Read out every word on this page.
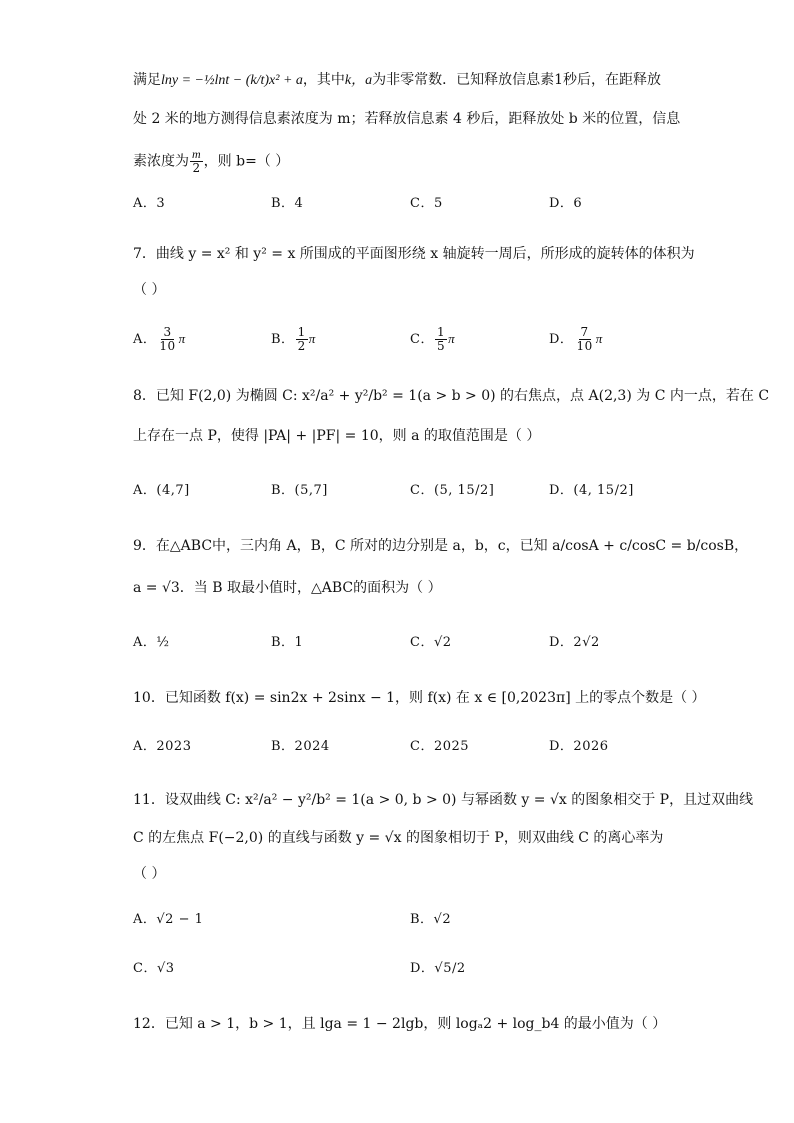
满足lny = −½lnt − (k/t)x² + a，其中k，a为非零常数．已知释放信息素1秒后，在距释放
处 2 米的地方测得信息素浓度为 m；若释放信息素 4 秒后，距释放处 b 米的位置，信息
素浓度为 $\frac{m}{2}$ ，则 b=（ ）
A．3	B．4	C．5	D．6
7．曲线 y = x² 和 y² = x 所围成的平面图形绕 x 轴旋转一周后，所形成的旋转体的体积为
（ ）
A． $\frac{3}{10}$ π	B． $\frac{1}{2}$ π	C． $\frac{1}{5}$ π	D． $\frac{7}{10}$ π
8．已知 F(2,0) 为椭圆 C: x²/a² + y²/b² = 1(a > b > 0) 的右焦点，点 A(2,3) 为 C 内一点，若在 C
上存在一点 P，使得 |PA| + |PF| = 10，则 a 的取值范围是（ ）
A．(4,7]	B．(5,7]	C．(5, 15/2]	D．(4, 15/2]
9．在△ABC中，三内角 A，B，C 所对的边分别是 a，b，c，已知 a/cosA + c/cosC = b/cosB，
a = √3．当 B 取最小值时，△ABC的面积为（ ）
A．½	B．1	C．√2	D．2√2
10．已知函数 f(x) = sin2x + 2sinx − 1，则 f(x) 在 x ∈ [0,2023π] 上的零点个数是（ ）
A．2023	B．2024	C．2025	D．2026
11．设双曲线 C: x²/a² − y²/b² = 1(a > 0, b > 0) 与幂函数 y = √x 的图象相交于 P，且过双曲线
C 的左焦点 F(−2,0) 的直线与函数 y = √x 的图象相切于 P，则双曲线 C 的离心率为
（ ）
A．√2 − 1	B．√2
C．√3	D．√5/2
12．已知 a > 1，b > 1，且 lga = 1 − 2lgb，则 logₐ2 + log_b4 的最小值为（ ）
